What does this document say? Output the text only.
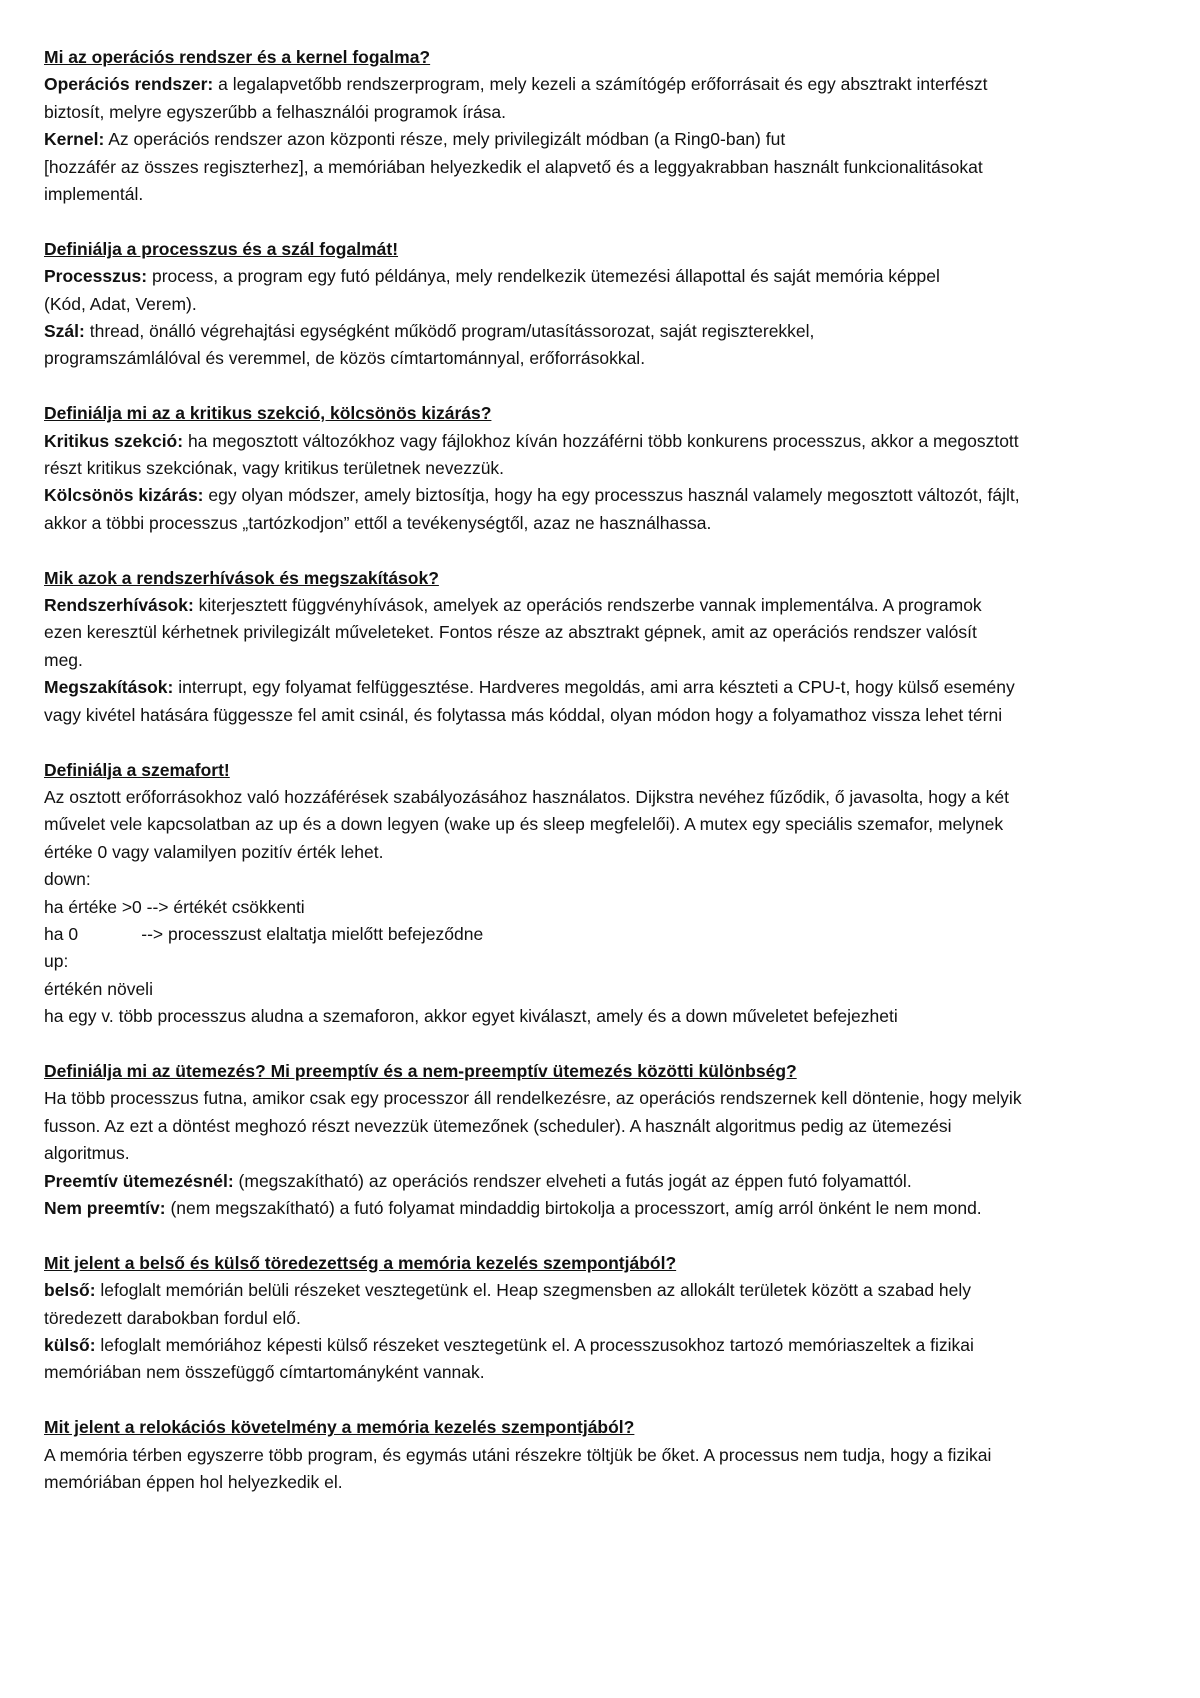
Mi az operációs rendszer és a kernel fogalma?
Operációs rendszer: a legalapvetőbb rendszerprogram, mely kezeli a számítógép erőforrásait és egy absztrakt interfészt
biztosít, melyre egyszerűbb a felhasználói programok írása.
Kernel: Az operációs rendszer azon központi része, mely privilegizált módban (a Ring0-ban) fut
[hozzáfér az összes regiszterhez], a memóriában helyezkedik el alapvető és a leggyakrabban használt funkcionalitásokat
implementál.
Definiálja a processzus és a szál fogalmát!
Processzus: process, a program egy futó példánya, mely rendelkezik ütemezési állapottal és saját memória képpel
(Kód, Adat, Verem).
Szál: thread, önálló végrehajtási egységként működő program/utasítássorozat, saját regiszterekkel,
programszámlálóval és veremmel, de közös címtartománnyal, erőforrásokkal.
Definiálja mi az a kritikus szekció, kölcsönös kizárás?
Kritikus szekció: ha megosztott változókhoz vagy fájlokhoz kíván hozzáférni több konkurens processzus, akkor a megosztott
részt kritikus szekciónak, vagy kritikus területnek nevezzük.
Kölcsönös kizárás: egy olyan módszer, amely biztosítja, hogy ha egy processzus használ valamely megosztott változót, fájlt,
akkor a többi processzus „tartózkodjon” ettől a tevékenységtől, azaz ne használhassa.
Mik azok a rendszerhívások és megszakítások?
Rendszerhívások: kiterjesztett függvényhívások, amelyek az operációs rendszerbe vannak implementálva. A programok
ezen keresztül kérhetnek privilegizált műveleteket. Fontos része az absztrakt gépnek, amit az operációs rendszer valósít
meg.
Megszakítások: interrupt, egy folyamat felfüggesztése. Hardveres megoldás, ami arra készteti a CPU-t, hogy külső esemény
vagy kivétel hatására függessze fel amit csinál, és folytassa más kóddal, olyan módon hogy a folyamathoz vissza lehet térni
Definiálja a szemafort!
Az osztott erőforrásokhoz való hozzáférések szabályozásához használatos. Dijkstra nevéhez fűződik, ő javasolta, hogy a két
művelet vele kapcsolatban az up és a down legyen (wake up és sleep megfelelői). A mutex egy speciális szemafor, melynek
értéke 0 vagy valamilyen pozitív érték lehet.
down:
ha értéke >0 --> értékét csökkenti
ha 0             --> processzust elaltatja mielőtt befejeződne
up:
értékén növeli
ha egy v. több processzus aludna a szemaforon, akkor egyet kiválaszt, amely és a down műveletet befejezheti
Definiálja mi az ütemezés? Mi preemptív és a nem-preemptív ütemezés közötti különbség?
Ha több processzus futna, amikor csak egy processzor áll rendelkezésre, az operációs rendszernek kell döntenie, hogy melyik
fusson. Az ezt a döntést meghozó részt nevezzük ütemezőnek (scheduler). A használt algoritmus pedig az ütemezési
algoritmus.
Preemtív ütemezésnél: (megszakítható) az operációs rendszer elveheti a futás jogát az éppen futó folyamattól.
Nem preemtív: (nem megszakítható) a futó folyamat mindaddig birtokolja a processzort, amíg arról önként le nem mond.
Mit jelent a belső és külső töredezettség a memória kezelés szempontjából?
belső: lefoglalt memórián belüli részeket vesztegetünk el. Heap szegmensben az allokált területek között a szabad hely
töredezett darabokban fordul elő.
külső: lefoglalt memóriához képesti külső részeket vesztegetünk el. A processzusokhoz tartozó memóriaszeltek a fizikai
memóriában nem összefüggő címtartományként vannak.
Mit jelent a relokációs követelmény a memória kezelés szempontjából?
A memória térben egyszerre több program, és egymás utáni részekre töltjük be őket. A processus nem tudja, hogy a fizikai
memóriában éppen hol helyezkedik el.
